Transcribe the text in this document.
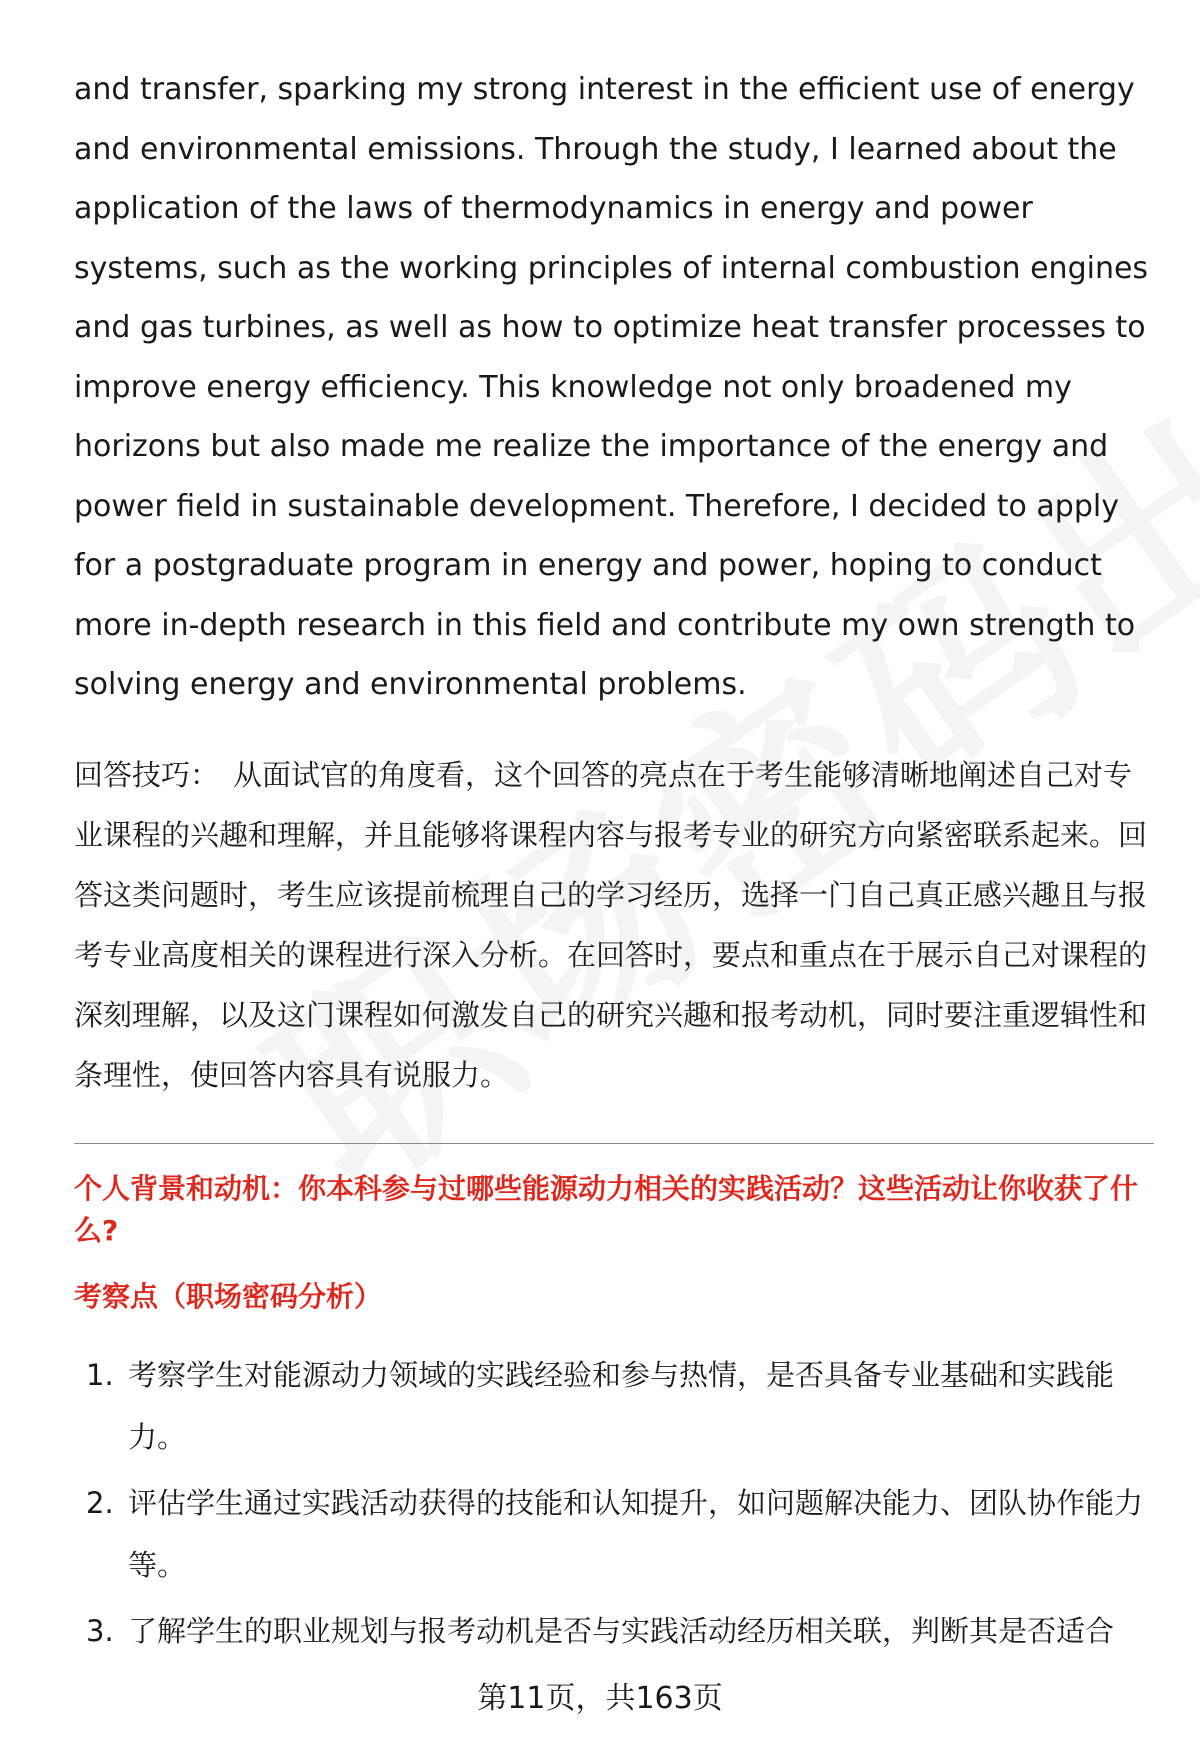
and transfer, sparking my strong interest in the efficient use of energy and environmental emissions. Through the study, I learned about the application of the laws of thermodynamics in energy and power systems, such as the working principles of internal combustion engines and gas turbines, as well as how to optimize heat transfer processes to improve energy efficiency. This knowledge not only broadened my horizons but also made me realize the importance of the energy and power field in sustainable development. Therefore, I decided to apply for a postgraduate program in energy and power, hoping to conduct more in-depth research in this field and contribute my own strength to solving energy and environmental problems.

回答技巧： 从面试官的角度看，这个回答的亮点在于考生能够清晰地阐述自己对专业课程的兴趣和理解，并且能够将课程内容与报考专业的研究方向紧密联系起来。回答这类问题时，考生应该提前梳理自己的学习经历，选择一门自己真正感兴趣且与报考专业高度相关的课程进行深入分析。在回答时，要点和重点在于展示自己对课程的深刻理解，以及这门课程如何激发自己的研究兴趣和报考动机，同时要注重逻辑性和条理性，使回答内容具有说服力。
个人背景和动机：你本科参与过哪些能源动力相关的实践活动？这些活动让你收获了什么?
考察点（职场密码分析）
1. 考察学生对能源动力领域的实践经验和参与热情，是否具备专业基础和实践能力。
2. 评估学生通过实践活动获得的技能和认知提升，如问题解决能力、团队协作能力等。
3. 了解学生的职业规划与报考动机是否与实践活动经历相关联，判断其是否适合
第11页，共163页
